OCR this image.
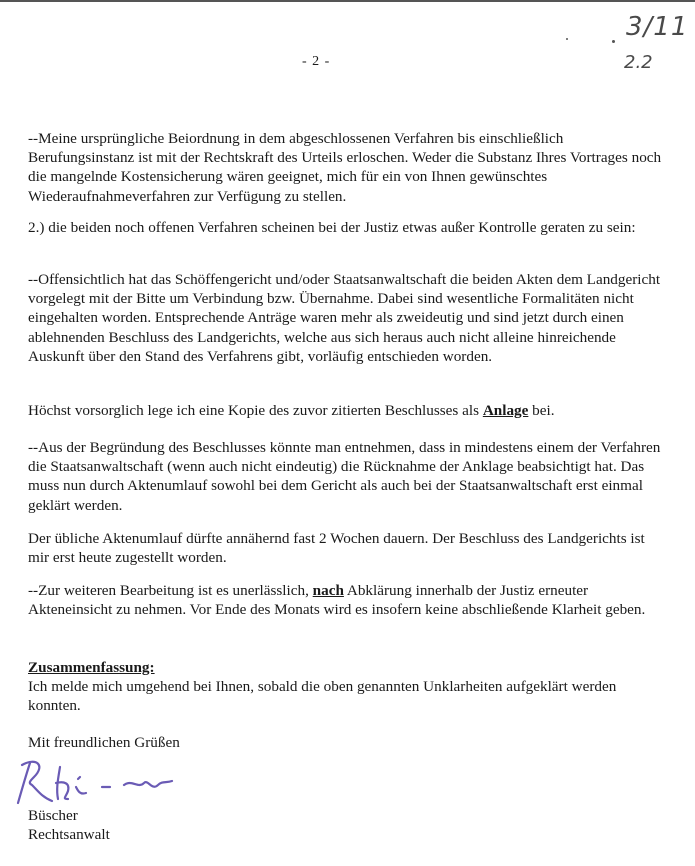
- 2 -
3/11
2.2
--Meine ursprüngliche Beiordnung in dem abgeschlossenen Verfahren bis einschließlich Berufungsinstanz ist mit der Rechtskraft des Urteils erloschen. Weder die Substanz Ihres Vortrages noch die mangelnde Kostensicherung wären geeignet, mich für ein von Ihnen gewünschtes Wiederaufnahmeverfahren zur Verfügung zu stellen.
2.) die beiden noch offenen Verfahren scheinen bei der Justiz etwas außer Kontrolle geraten zu sein:
--Offensichtlich hat das Schöffengericht und/oder Staatsanwaltschaft die beiden Akten dem Landgericht vorgelegt mit der Bitte um Verbindung bzw. Übernahme. Dabei sind wesentliche Formalitäten nicht eingehalten worden. Entsprechende Anträge waren mehr als zweideutig und sind jetzt durch einen ablehnenden Beschluss des Landgerichts, welche aus sich heraus auch nicht alleine hinreichende Auskunft über den Stand des Verfahrens gibt, vorläufig entschieden worden.
Höchst vorsorglich lege ich eine Kopie des zuvor zitierten Beschlusses als Anlage bei.
--Aus der Begründung des Beschlusses könnte man entnehmen, dass in mindestens einem der Verfahren die Staatsanwaltschaft (wenn auch nicht eindeutig) die Rücknahme der Anklage beabsichtigt hat. Das muss nun durch Aktenumlauf sowohl bei dem Gericht als auch bei der Staatsanwaltschaft erst einmal geklärt werden.
Der übliche Aktenumlauf dürfte annähernd fast 2 Wochen dauern. Der Beschluss des Landgerichts ist mir erst heute zugestellt worden.
--Zur weiteren Bearbeitung ist es unerlässlich, nach Abklärung innerhalb der Justiz erneuter Akteneinsicht zu nehmen. Vor Ende des Monats wird es insofern keine abschließende Klarheit geben.
Zusammenfassung:
Ich melde mich umgehend bei Ihnen, sobald die oben genannten Unklarheiten aufgeklärt werden konnten.
Mit freundlichen Grüßen
Büscher
Rechtsanwalt
